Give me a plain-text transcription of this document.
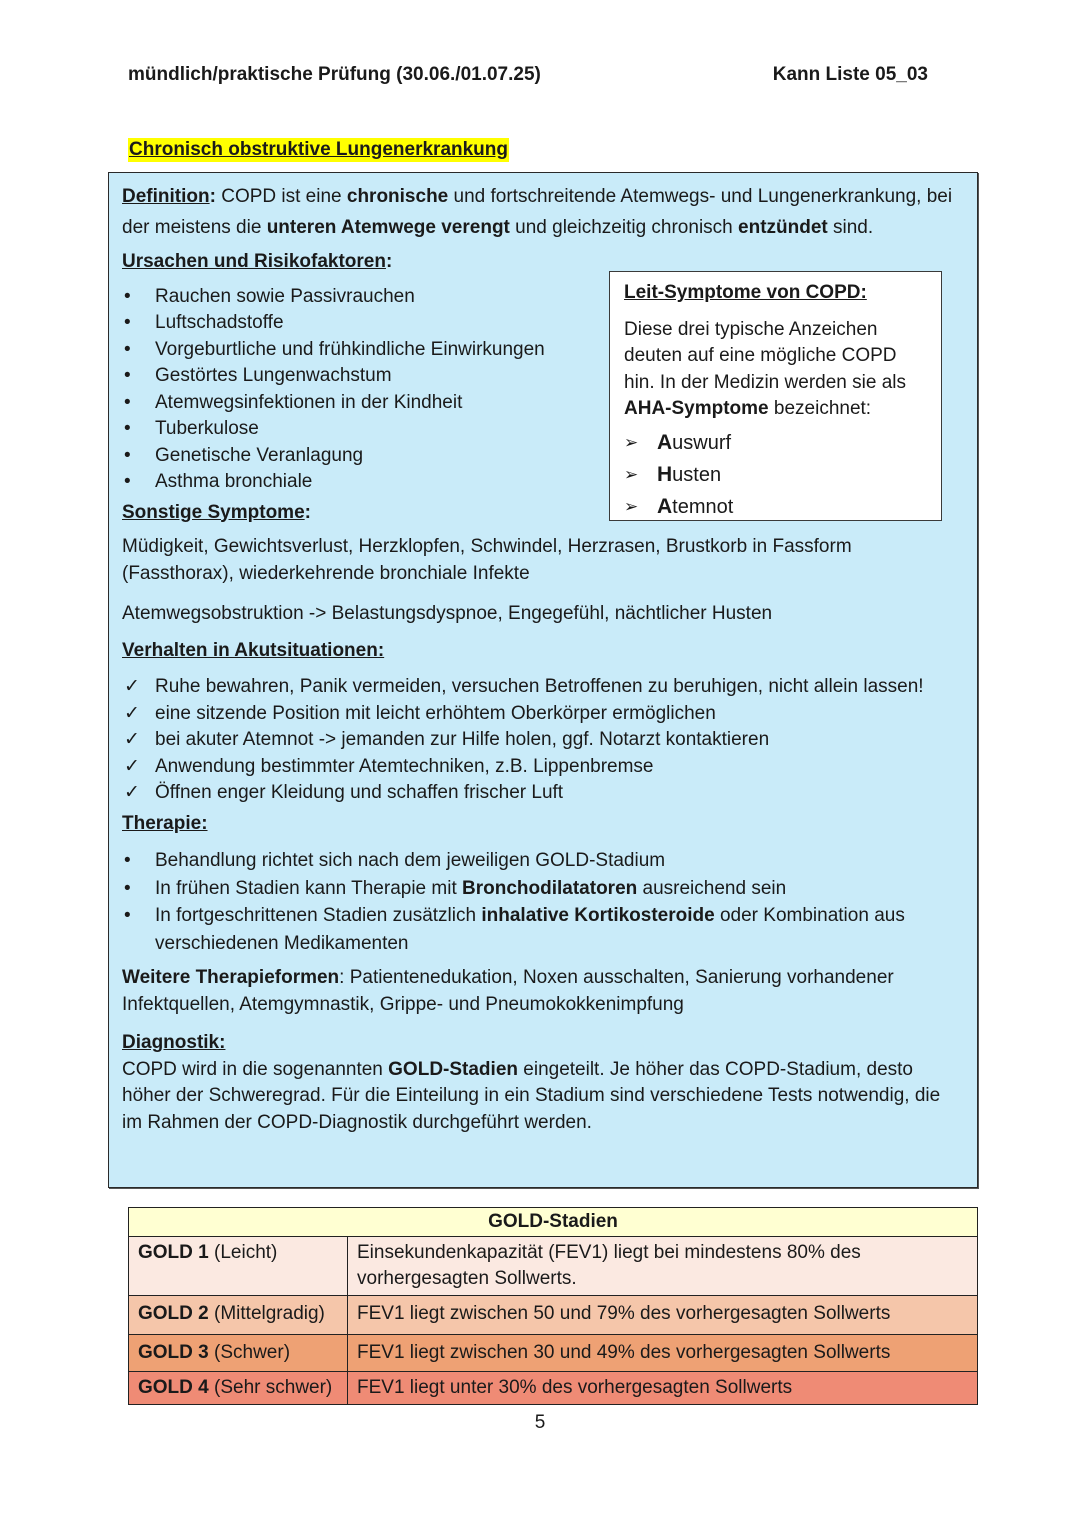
mündlich/praktische Prüfung (30.06./01.07.25)	Kann Liste 05_03
Chronisch obstruktive Lungenerkrankung
Definition: COPD ist eine chronische und fortschreitende Atemwegs- und Lungenerkrankung, bei der meistens die unteren Atemwege verengt und gleichzeitig chronisch entzündet sind.
Ursachen und Risikofaktoren:
• Rauchen sowie Passivrauchen
• Luftschadstoffe
• Vorgeburtliche und frühkindliche Einwirkungen
• Gestörtes Lungenwachstum
• Atemwegsinfektionen in der Kindheit
• Tuberkulose
• Genetische Veranlagung
• Asthma bronchiale
Leit-Symptome von COPD:
Diese drei typische Anzeichen deuten auf eine mögliche COPD hin. In der Medizin werden sie als AHA-Symptome bezeichnet:
➢ Auswurf
➢ Husten
➢ Atemnot
Sonstige Symptome:
Müdigkeit, Gewichtsverlust, Herzklopfen, Schwindel, Herzrasen, Brustkorb in Fassform (Fassthorax), wiederkehrende bronchiale Infekte
Atemwegsobstruktion -> Belastungsdyspnoe, Engegefühl, nächtlicher Husten
Verhalten in Akutsituationen:
✓ Ruhe bewahren, Panik vermeiden, versuchen Betroffenen zu beruhigen, nicht allein lassen!
✓ eine sitzende Position mit leicht erhöhtem Oberkörper ermöglichen
✓ bei akuter Atemnot -> jemanden zur Hilfe holen, ggf. Notarzt kontaktieren
✓ Anwendung bestimmter Atemtechniken, z.B. Lippenbremse
✓ Öffnen enger Kleidung und schaffen frischer Luft
Therapie:
• Behandlung richtet sich nach dem jeweiligen GOLD-Stadium
• In frühen Stadien kann Therapie mit Bronchodilatatoren ausreichend sein
• In fortgeschrittenen Stadien zusätzlich inhalative Kortikosteroide oder Kombination aus verschiedenen Medikamenten
Weitere Therapieformen: Patientenedukation, Noxen ausschalten, Sanierung vorhandener Infektquellen, Atemgymnastik, Grippe- und Pneumokokkenimpfung
Diagnostik:
COPD wird in die sogenannten GOLD-Stadien eingeteilt. Je höher das COPD-Stadium, desto höher der Schweregrad. Für die Einteilung in ein Stadium sind verschiedene Tests notwendig, die im Rahmen der COPD-Diagnostik durchgeführt werden.
GOLD-Stadien	
GOLD 1 (Leicht)	Einsekundenkapazität (FEV1) liegt bei mindestens 80% des vorhergesagten Sollwerts.
GOLD 2 (Mittelgradig)	FEV1 liegt zwischen 50 und 79% des vorhergesagten Sollwerts
GOLD 3 (Schwer)	FEV1 liegt zwischen 30 und 49% des vorhergesagten Sollwerts
GOLD 4 (Sehr schwer)	FEV1 liegt unter 30% des vorhergesagten Sollwerts
5
